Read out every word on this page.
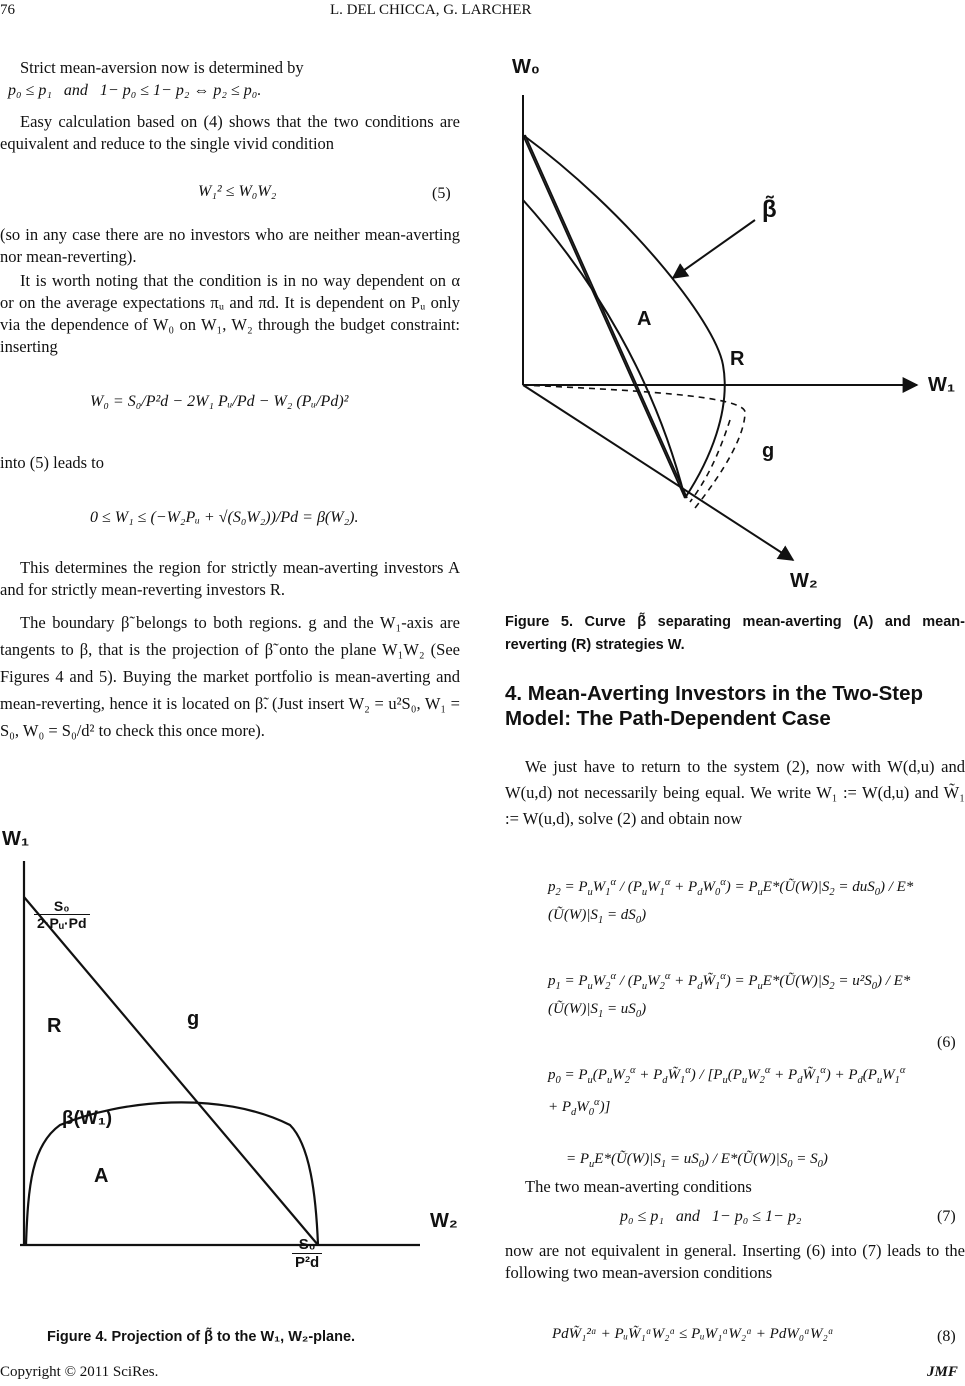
76	L. DEL CHICCA, G. LARCHER
Strict mean-aversion now is determined by
p₀ ≤ p₁   and   1− p₀ ≤ 1− p₂ ⇔ p₂ ≤ p₀.
Easy calculation based on (4) shows that the two conditions are equivalent and reduce to the single vivid condition
W₁² ≤ W₀W₂	(5)
(so in any case there are no investors who are neither mean-averting nor mean-reverting).
It is worth noting that the condition is in no way dependent on α or on the average expectations πᵤ and πd. It is dependent on Pᵤ only via the dependence of W₀ on W₁, W₂ through the budget constraint: inserting
W₀ = S₀/P²d − 2W₁ Pᵤ/Pd − W₂ (Pᵤ/Pd)²
into (5) leads to
0 ≤ W₁ ≤ (−W₂Pᵤ + √(S₀W₂))/Pd = β(W₂).
This determines the region for strictly mean-averting investors A and for strictly mean-reverting investors R.
The boundary β̃ belongs to both regions. g and the W₁-axis are tangents to β, that is the projection of β̃ onto the plane W₁W₂ (See Figures 4 and 5). Buying the market portfolio is mean-averting and mean-reverting, hence it is located on β̃. (Just insert W₂ = u²S₀, W₁ = S₀, W₀ = S₀/d² to check this once more).
W₁
$\frac{\text{S₀}}{\text{2·Pᵤ·Pd}}$
R	g
β(W₁)
A
W₂
$\frac{\text{S₀}}{\text{P²d}}$
Figure 4. Projection of β̃ to the W₁, W₂-plane.
W₀
β̃
A
R
W₁
g
W₂
Figure 5. Curve β̃ separating mean-averting (A) and mean-reverting (R) strategies W.
4. Mean-Averting Investors in the Two-Step Model: The Path-Dependent Case
We just have to return to the system (2), now with W(d,u) and W(u,d) not necessarily being equal. We write W₁ := W(d,u) and W̃₁ := W(u,d), solve (2) and obtain now
$p_2 = P_uW_1^\alpha / (P_uW_1^\alpha + P_dW_0^\alpha)$ = $P_uE*(Ũ(W)|S_2 = duS_0)$ / $E*(Ũ(W)|S_1 = dS_0)$
$p_1 = P_uW_2^\alpha / (P_uW_2^\alpha$ + $P_dW̃_1^\alpha$) = $P_uE*(Ũ(W)|S_2 = u^2S_0)$ / $E*(Ũ(W)|S_1 = uS_0)$
$p_0 = P_u(P_uW_2^\alpha$ + $P_dW̃_1^\alpha) / [P_u(P_uW_2^\alpha$ + $P_dW̃_1^\alpha) + P_d(P_uW_1^\alpha + P_dW_0^\alpha)$]
= $P_uE*(Ũ(W)|S_1 = uS_0)$ / $E*(Ũ(W)|S_0 = S_0)$
(6)
The two mean-averting conditions
p₀ ≤ p₁   and   1− p₀ ≤ 1− p₂	(7)
now are not equivalent in general. Inserting (6) into (7) leads to the following two mean-aversion conditions
PdW̃₁²ᵅ + PᵤW̃₁ᵅW₂ᵅ ≤ PᵤW₁ᵅW₂ᵅ + PdW₀ᵅW₂ᵅ	(8)
Copyright © 2011 SciRes.	JMF
